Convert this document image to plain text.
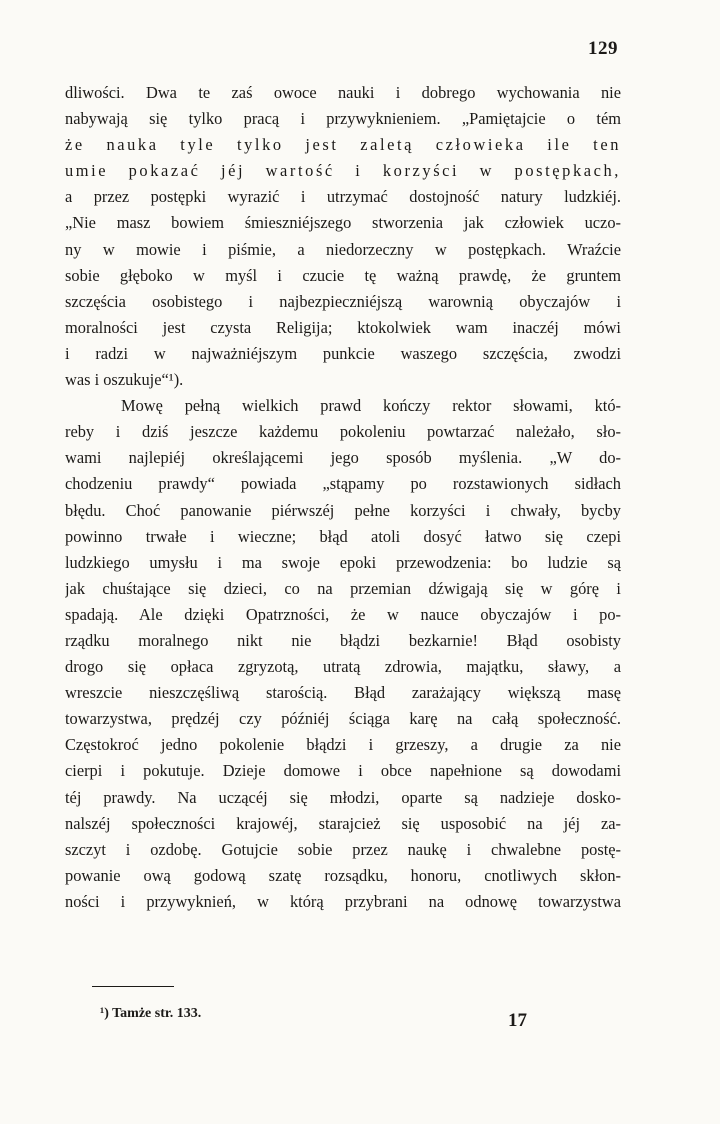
129
dliwości. Dwa te zaś owoce nauki i dobrego wychowania nie
nabywają się tylko pracą i przywyknieniem. „Pamiętajcie o tém
że nauka tyle tylko jest zaletą człowieka ile ten
umie pokazać jéj wartość i korzyści w postępkach,
a przez postępki wyrazić i utrzymać dostojność natury ludzkiéj.
„Nie masz bowiem śmieszniéjszego stworzenia jak człowiek uczo-
ny w mowie i piśmie, a niedorzeczny w postępkach. Wraźcie
sobie głęboko w myśl i czucie tę ważną prawdę, że gruntem
szczęścia osobistego i najbezpieczniéjszą warownią obyczajów i
moralności jest czysta Religija; ktokolwiek wam inaczéj mówi
i radzi w najważniéjszym punkcie waszego szczęścia, zwodzi
was i oszukuje“¹).
Mowę pełną wielkich prawd kończy rektor słowami, któ-
reby i dziś jeszcze każdemu pokoleniu powtarzać należało, sło-
wami najlepiéj określającemi jego sposób myślenia. „W do-
chodzeniu prawdy“ powiada „stąpamy po rozstawionych sidłach
błędu. Choć panowanie piérwszéj pełne korzyści i chwały, bycby
powinno trwałe i wieczne; błąd atoli dosyć łatwo się czepi
ludzkiego umysłu i ma swoje epoki przewodzenia: bo ludzie są
jak chuśtające się dzieci, co na przemian dźwigają się w górę i
spadają. Ale dzięki Opatrzności, że w nauce obyczajów i po-
rządku moralnego nikt nie błądzi bezkarnie! Błąd osobisty
drogo się opłaca zgryzotą, utratą zdrowia, majątku, sławy, a
wreszcie nieszczęśliwą starością. Błąd zarażający większą masę
towarzystwa, prędzéj czy późniéj ściąga karę na całą społeczność.
Częstokroć jedno pokolenie błądzi i grzeszy, a drugie za nie
cierpi i pokutuje. Dzieje domowe i obce napełnione są dowodami
téj prawdy. Na uczącéj się młodzi, oparte są nadzieje dosko-
nalszéj społeczności krajowéj, starajcież się usposobić na jéj za-
szczyt i ozdobę. Gotujcie sobie przez naukę i chwalebne postę-
powanie ową godową szatę rozsądku, honoru, cnotliwych skłon-
ności i przywyknień, w którą przybrani na odnowę towarzystwa
¹) Tamże str. 133.	17
